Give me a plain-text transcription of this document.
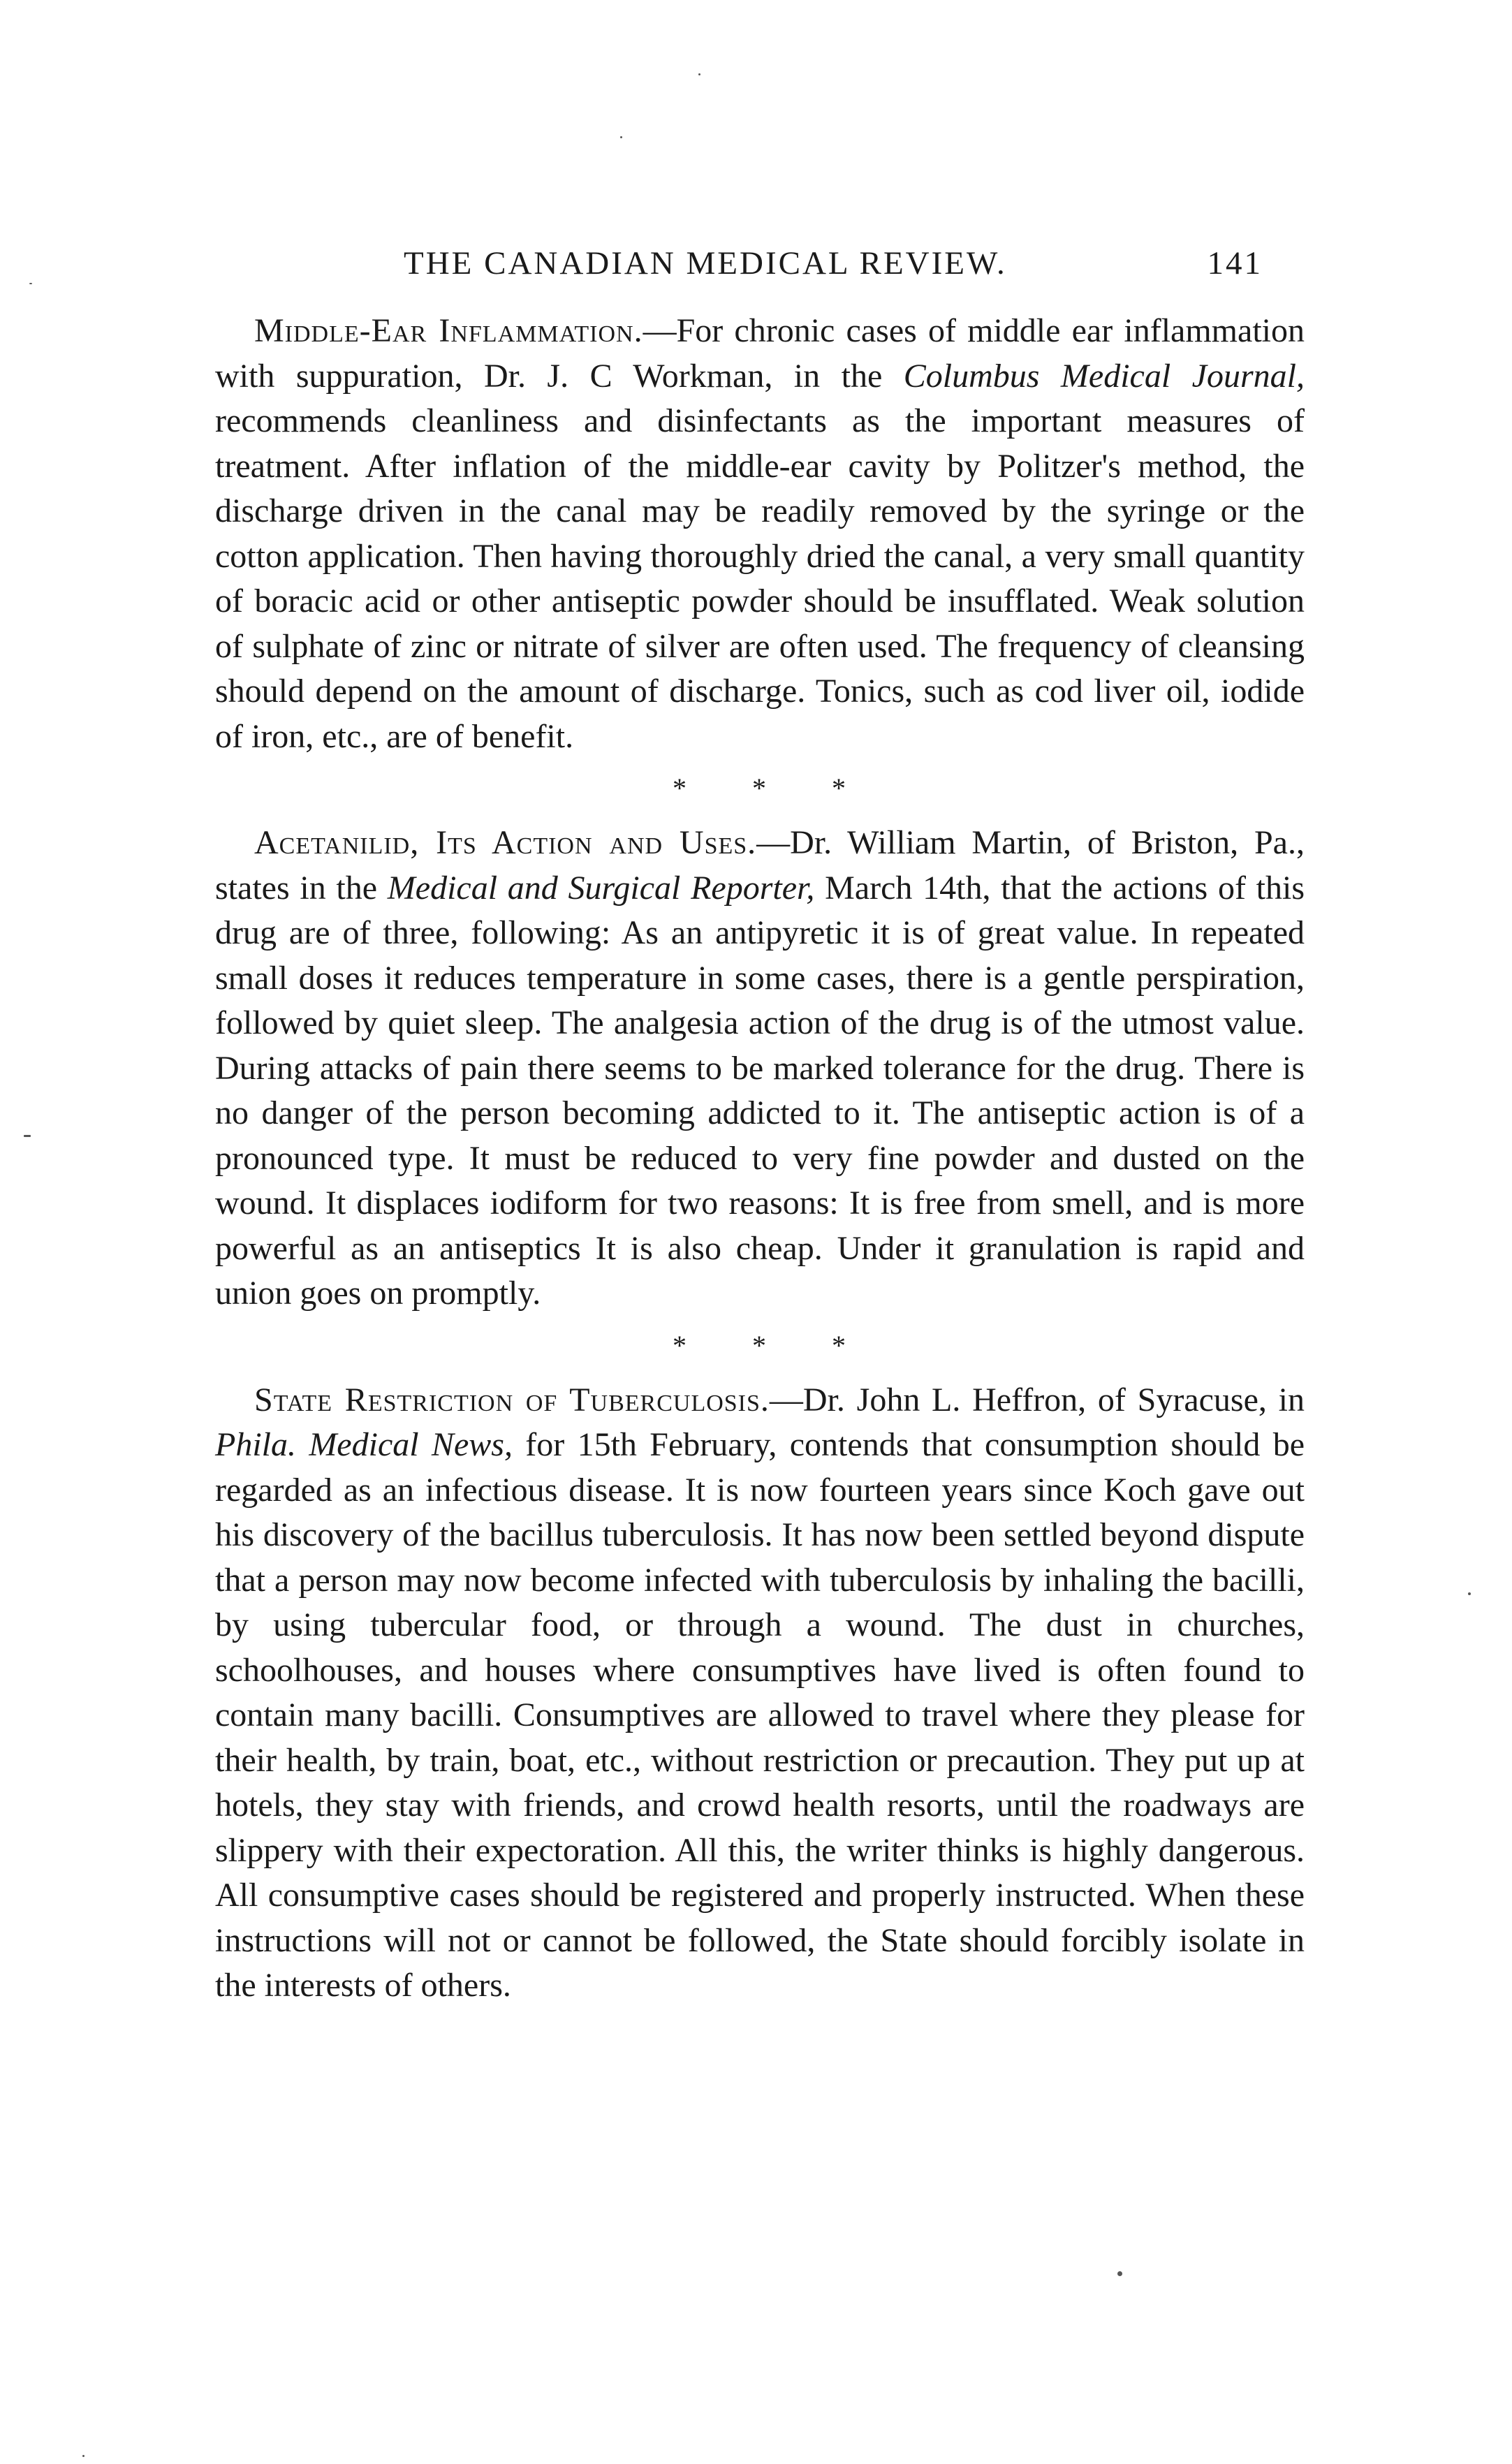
THE CANADIAN MEDICAL REVIEW.	141

Middle-Ear Inflammation.—For chronic cases of middle ear inflammation with suppuration, Dr. J. C Workman, in the Columbus Medical Journal, recommends cleanliness and disinfectants as the important measures of treatment. After inflation of the middle-ear cavity by Politzer's method, the discharge driven in the canal may be readily removed by the syringe or the cotton application. Then having thoroughly dried the canal, a very small quantity of boracic acid or other antiseptic powder should be insufflated. Weak solution of sulphate of zinc or nitrate of silver are often used. The frequency of cleansing should depend on the amount of discharge. Tonics, such as cod liver oil, iodide of iron, etc., are of benefit.

* * *

Acetanilid, Its Action and Uses.—Dr. William Martin, of Briston, Pa., states in the Medical and Surgical Reporter, March 14th, that the actions of this drug are of three, following: As an antipyretic it is of great value. In repeated small doses it reduces temperature in some cases, there is a gentle perspiration, followed by quiet sleep. The analgesia action of the drug is of the utmost value. During attacks of pain there seems to be marked tolerance for the drug. There is no danger of the person becoming addicted to it. The antiseptic action is of a pronounced type. It must be reduced to very fine powder and dusted on the wound. It displaces iodiform for two reasons: It is free from smell, and is more powerful as an antiseptics It is also cheap. Under it granulation is rapid and union goes on promptly.

* * *

State Restriction of Tuberculosis.—Dr. John L. Heffron, of Syracuse, in Phila. Medical News, for 15th February, contends that consumption should be regarded as an infectious disease. It is now fourteen years since Koch gave out his discovery of the bacillus tuberculosis. It has now been settled beyond dispute that a person may now become infected with tuberculosis by inhaling the bacilli, by using tubercular food, or through a wound. The dust in churches, schoolhouses, and houses where consumptives have lived is often found to contain many bacilli. Consumptives are allowed to travel where they please for their health, by train, boat, etc., without restriction or precaution. They put up at hotels, they stay with friends, and crowd health resorts, until the roadways are slippery with their expectoration. All this, the writer thinks is highly dangerous. All consumptive cases should be registered and properly instructed. When these instructions will not or cannot be followed, the State should forcibly isolate in the interests of others.
